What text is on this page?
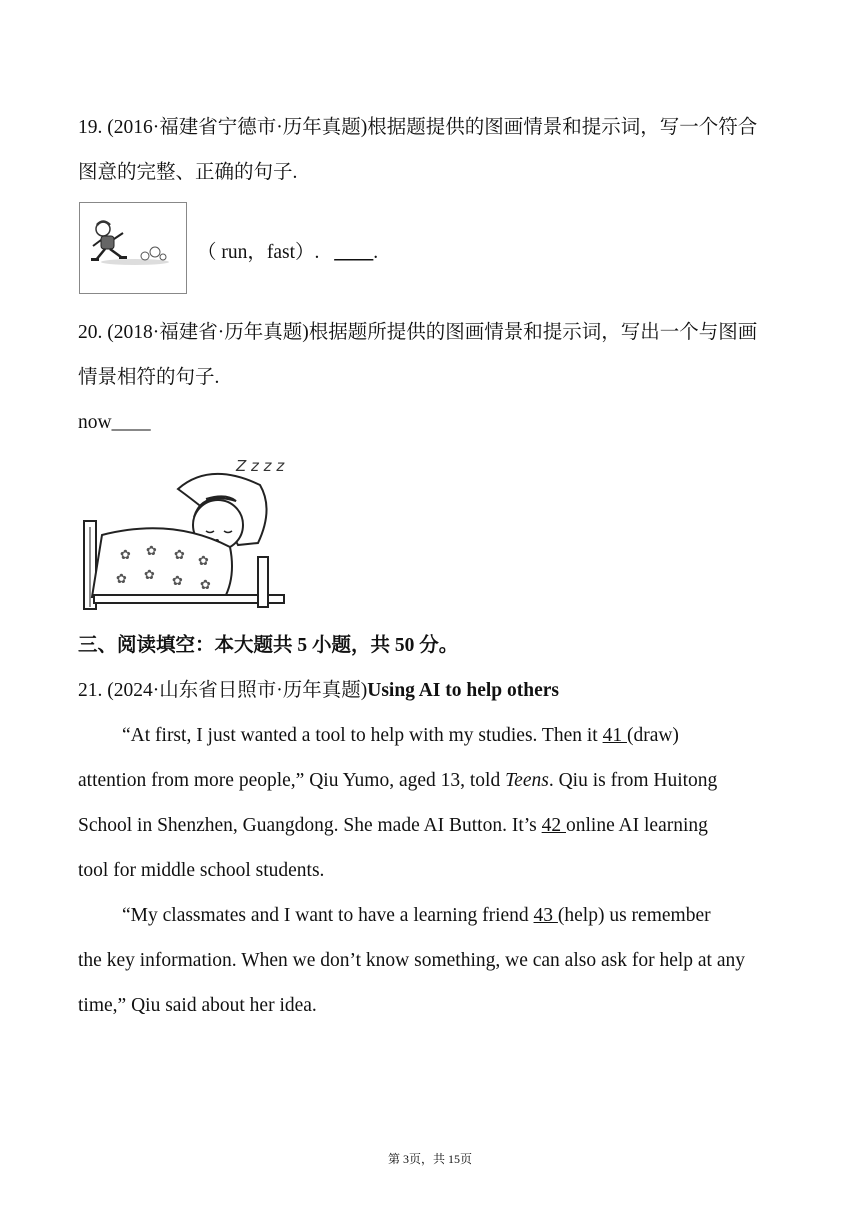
19. (2016·福建省宁德市·历年真题)根据题提供的图画情景和提示词，写一个符合
图意的完整、正确的句子.
（ run，fast）. ____.
20. (2018·福建省·历年真题)根据题所提供的图画情景和提示词，写出一个与图画
情景相符的句子.
now____
Z z z z
✿ ✿ ✿ ✿
✿ ✿ ✿ ✿
三、阅读填空：本大题共 5 小题，共 50 分。
21. (2024·山东省日照市·历年真题)Using AI to help others
“At first, I just wanted a tool to help with my studies. Then it 41 (draw)
attention from more people,” Qiu Yumo, aged 13, told Teens. Qiu is from Huitong
School in Shenzhen, Guangdong. She made AI Button. It’s 42 online AI learning
tool for middle school students.
“My classmates and I want to have a learning friend 43 (help) us remember
the key information. When we don’t know something, we can also ask for help at any
time,” Qiu said about her idea.
第 3页，共 15页
